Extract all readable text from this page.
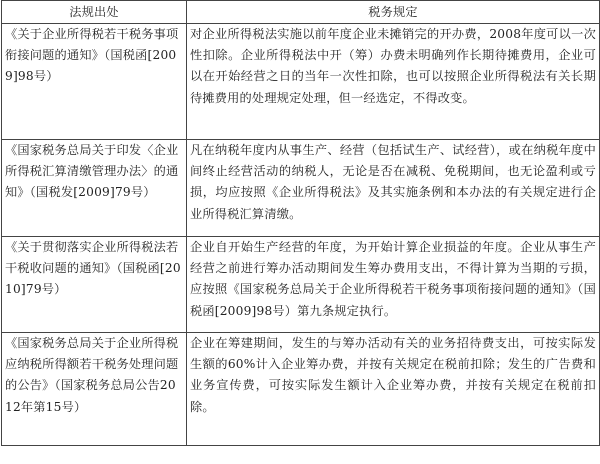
法规出处	税务规定
《关于企业所得税若干税务事项衔接问题的通知》（国税函[2009]98号）	对企业所得税法实施以前年度企业未摊销完的开办费，2008年度可以一次性扣除。企业所得税法中开（筹）办费未明确列作长期待摊费用，企业可以在开始经营之日的当年一次性扣除，也可以按照企业所得税法有关长期待摊费用的处理规定处理，但一经选定，不得改变。
《国家税务总局关于印发〈企业所得税汇算清缴管理办法〉的通知》（国税发[2009]79号）	凡在纳税年度内从事生产、经营（包括试生产、试经营），或在纳税年度中间终止经营活动的纳税人，无论是否在减税、免税期间，也无论盈利或亏损，均应按照《企业所得税法》及其实施条例和本办法的有关规定进行企业所得税汇算清缴。
《关于贯彻落实企业所得税法若干税收问题的通知》（国税函[2010]79号）	企业自开始生产经营的年度，为开始计算企业损益的年度。企业从事生产经营之前进行筹办活动期间发生筹办费用支出，不得计算为当期的亏损，应按照《国家税务总局关于企业所得税若干税务事项衔接问题的通知》（国税函[2009]98号）第九条规定执行。
《国家税务总局关于企业所得税应纳税所得额若干税务处理问题的公告》（国家税务总局公告2012年第15号）	企业在筹建期间，发生的与筹办活动有关的业务招待费支出，可按实际发生额的60%计入企业筹办费，并按有关规定在税前扣除；发生的广告费和业务宣传费，可按实际发生额计入企业筹办费，并按有关规定在税前扣除。
